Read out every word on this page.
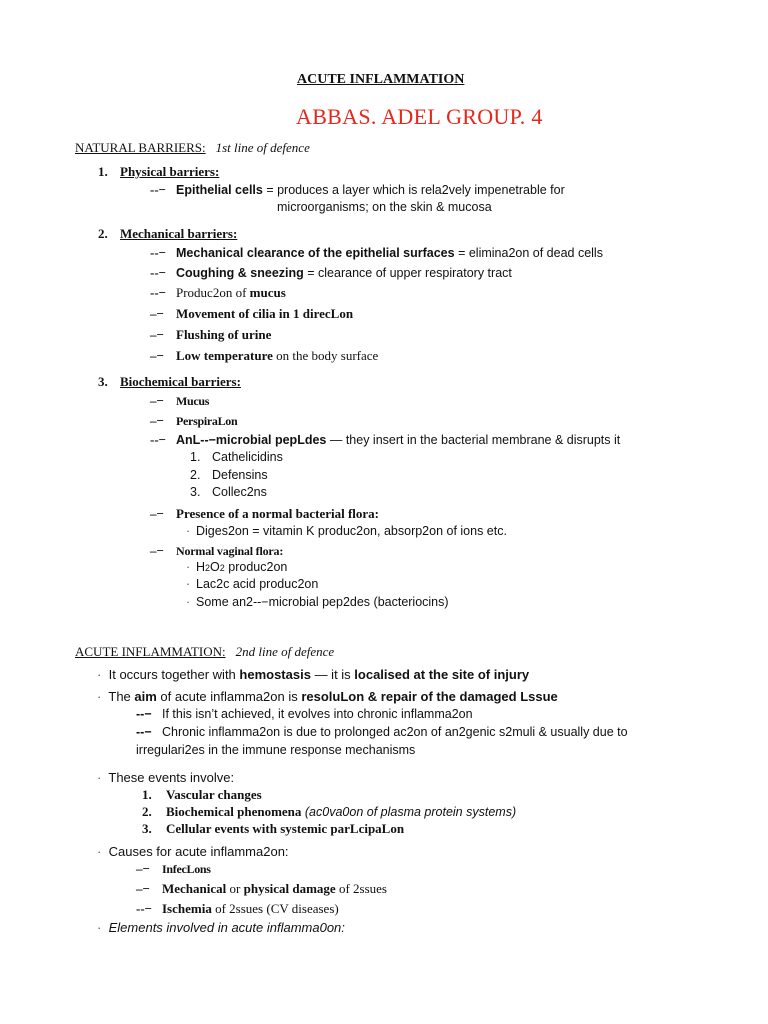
ACUTE INFLAMMATION
ABBAS. ADEL GROUP. 4
NATURAL BARRIERS: 1st line of defence
1. Physical barriers:
--− Epithelial cells = produces a layer which is rela2vely impenetrable for
microorganisms; on the skin & mucosa
2. Mechanical barriers:
--− Mechanical clearance of the epithelial surfaces = elimina2on of dead cells
--− Coughing & sneezing = clearance of upper respiratory tract
--− Produc2on of mucus
–− Movement of cilia in 1 direcLon
–− Flushing of urine
–− Low temperature on the body surface
3. Biochemical barriers:
–− Mucus
–− PerspiraLon
--− AnL--−microbial pepLdes — they insert in the bacterial membrane & disrupts it
1. Cathelicidins
2. Defensins
3. Collec2ns
–− Presence of a normal bacterial flora:
· Diges2on = vitamin K produc2on, absorp2on of ions etc.
–− Normal vaginal flora:
· H2O2 produc2on
· Lac2c acid produc2on
· Some an2--−microbial pep2des (bacteriocins)
ACUTE INFLAMMATION: 2nd line of defence
· It occurs together with hemostasis — it is localised at the site of injury
· The aim of acute inflamma2on is resoluLon & repair of the damaged Lssue
--− If this isn’t achieved, it evolves into chronic inflamma2on
--− Chronic inflamma2on is due to prolonged ac2on of an2genic s2muli & usually due to
irregulari2es in the immune response mechanisms
· These events involve:
1. Vascular changes
2. Biochemical phenomena (ac0va0on of plasma protein systems)
3. Cellular events with systemic parLcipaLon
· Causes for acute inflamma2on:
–− InfecLons
–− Mechanical or physical damage of 2ssues
--− Ischemia of 2ssues (CV diseases)
· Elements involved in acute inflamma0on:
